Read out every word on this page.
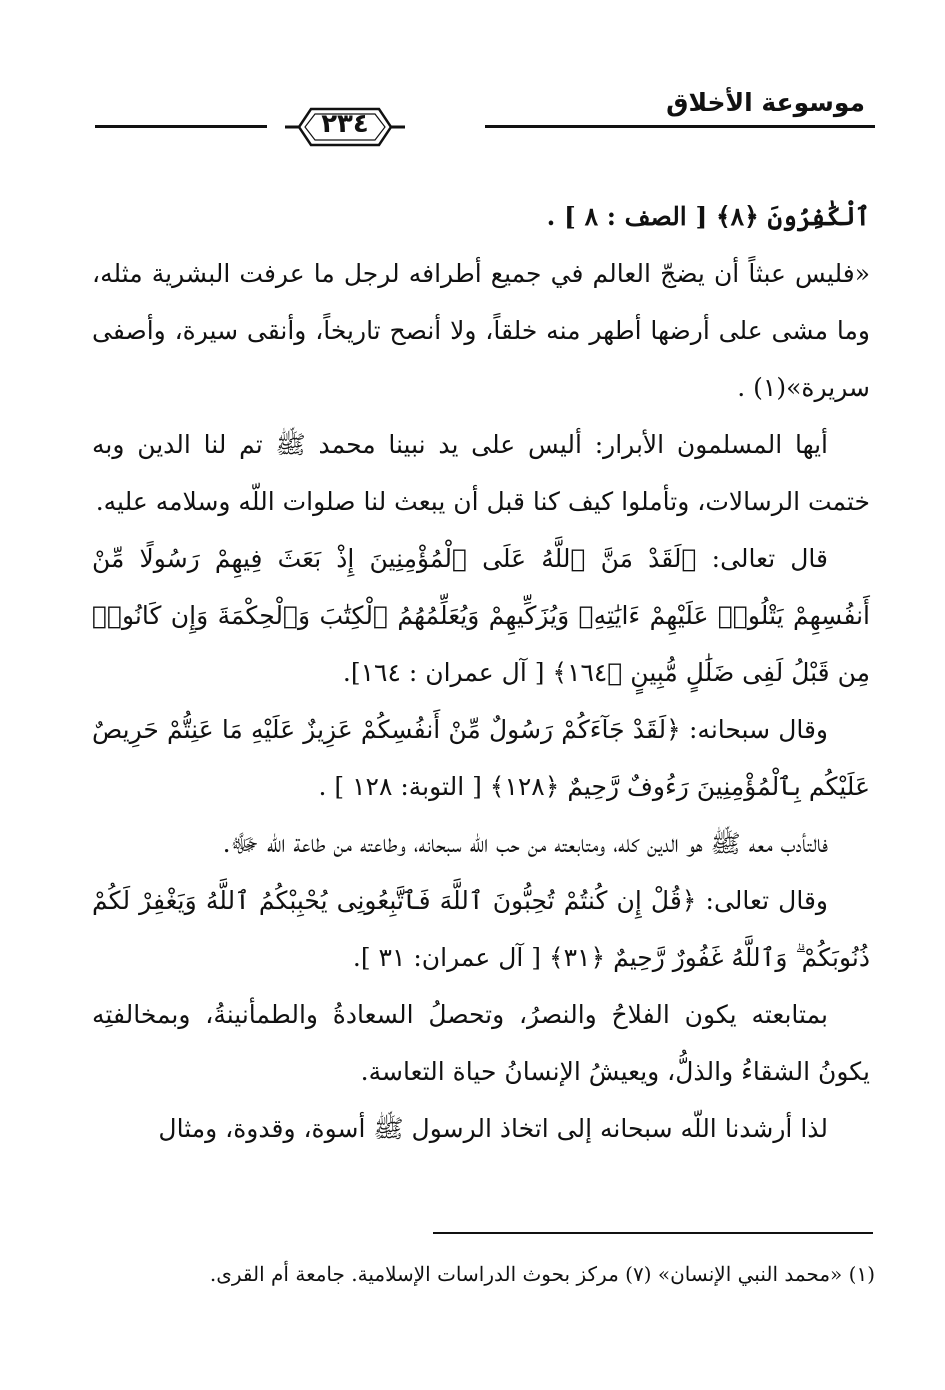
٢٣٤
موسوعة الأخلاق

ٱلْكَٰفِرُونَ ﴿٨﴾ [ الصف : ٨ ] .

«فليس عبثاً أن يضجّ العالم في جميع أطرافه لرجل ما عرفت البشرية مثله، وما مشى على أرضها أطهر منه خلقاً، ولا أنصح تاريخاً، وأنقى سيرة، وأصفى سريرة»(١) .

أيها المسلمون الأبرار: أليس على يد نبينا محمد ﷺ تم لنا الدين وبه ختمت الرسالات، وتأملوا كيف كنا قبل أن يبعث لنا صلوات اللّه وسلامه عليه.

قال تعالى: ﴿لَقَدْ مَنَّ ٱللَّهُ عَلَى ٱلْمُؤْمِنِينَ إِذْ بَعَثَ فِيهِمْ رَسُولًا مِّنْ أَنفُسِهِمْ يَتْلُوا۟ عَلَيْهِمْ ءَايَٰتِهِۦ وَيُزَكِّيهِمْ وَيُعَلِّمُهُمُ ٱلْكِتَٰبَ وَٱلْحِكْمَةَ وَإِن كَانُوا۟ مِن قَبْلُ لَفِى ضَلَٰلٍ مُّبِينٍ ﴿١٦٤﴾ [ آل عمران : ١٦٤].

وقال سبحانه: ﴿لَقَدْ جَآءَكُمْ رَسُولٌ مِّنْ أَنفُسِكُمْ عَزِيزٌ عَلَيْهِ مَا عَنِتُّمْ حَرِيصٌ عَلَيْكُم بِٱلْمُؤْمِنِينَ رَءُوفٌ رَّحِيمٌ ﴿١٢٨﴾ [ التوبة: ١٢٨ ] .

فالتأدب معه ﷺ هو الدين كله، ومتابعته من حب اللّه سبحانه، وطاعته من طاعة اللّه ﷻ.

وقال تعالى: ﴿قُلْ إِن كُنتُمْ تُحِبُّونَ ٱللَّهَ فَٱتَّبِعُونِى يُحْبِبْكُمُ ٱللَّهُ وَيَغْفِرْ لَكُمْ ذُنُوبَكُمْ ۗ وَٱللَّهُ غَفُورٌ رَّحِيمٌ ﴿٣١﴾ [ آل عمران: ٣١ ].

بمتابعته يكون الفلاحُ والنصرُ، وتحصلُ السعادةُ والطمأنينةُ، وبمخالفتِه يكونُ الشقاءُ والذلُّ، ويعيشُ الإنسانُ حياة التعاسة.

لذا أرشدنا اللّه سبحانه إلى اتخاذ الرسول ﷺ أسوة، وقدوة، ومثال

(١) «محمد النبي الإنسان» (٧) مركز بحوث الدراسات الإسلامية. جامعة أم القرى.
